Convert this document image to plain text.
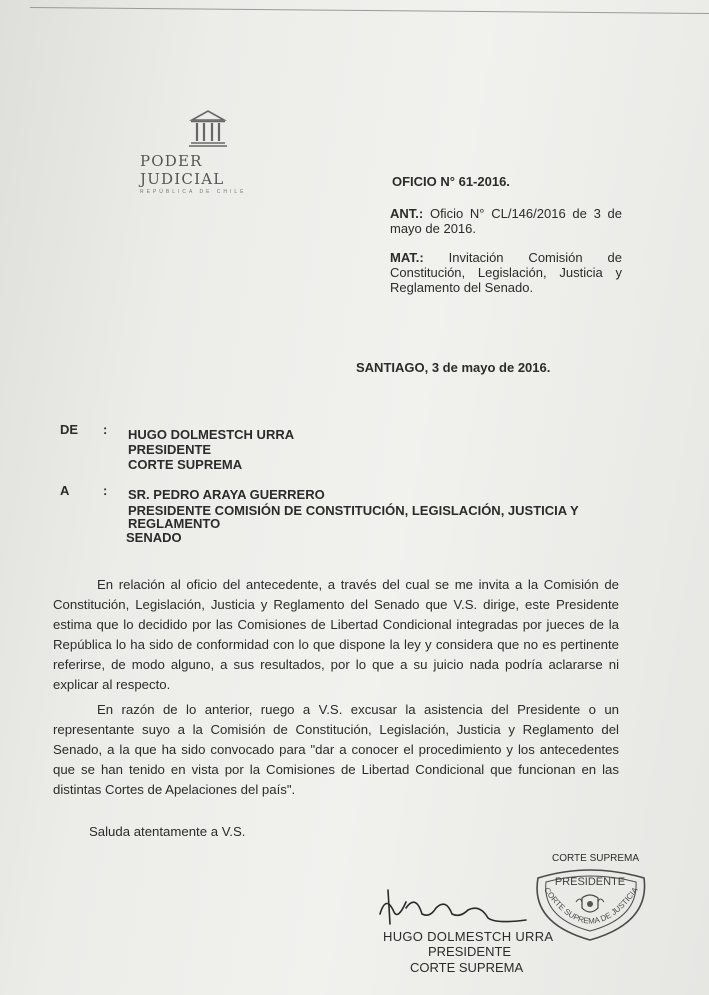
PODER JUDICIAL
REPÚBLICA DE CHILE
OFICIO N° 61-2016.
ANT.: Oficio N° CL/146/2016 de 3 de
mayo de 2016.
MAT.: Invitación Comisión de
Constitución, Legislación, Justicia y
Reglamento del Senado.
SANTIAGO, 3 de mayo de 2016.
DE : HUGO DOLMESTCH URRA
PRESIDENTE
CORTE SUPREMA
A	: SR. PEDRO ARAYA GUERRERO
PRESIDENTE COMISIÓN DE CONSTITUCIÓN, LEGISLACIÓN, JUSTICIA Y
REGLAMENTO
SENADO
En relación al oficio del antecedente, a través del cual se me invita a la Comisión de Constitución, Legislación, Justicia y Reglamento del Senado que V.S. dirige, este Presidente estima que lo decidido por las Comisiones de Libertad Condicional integradas por jueces de la República lo ha sido de conformidad con lo que dispone la ley y considera que no es pertinente referirse, de modo alguno, a sus resultados, por lo que a su juicio nada podría aclararse ni explicar al respecto.
En razón de lo anterior, ruego a V.S. excusar la asistencia del Presidente o un representante suyo a la Comisión de Constitución, Legislación, Justicia y Reglamento del Senado, a la que ha sido convocado para "dar a conocer el procedimiento y los antecedentes que se han tenido en vista por la Comisiones de Libertad Condicional que funcionan en las distintas Cortes de Apelaciones del país".
Saluda atentamente a V.S.
CORTE SUPREMA
PRESIDENTE
CORTE SUPREMA DE JUSTICIA
HUGO DOLMESTCH URRA
PRESIDENTE
CORTE SUPREMA
